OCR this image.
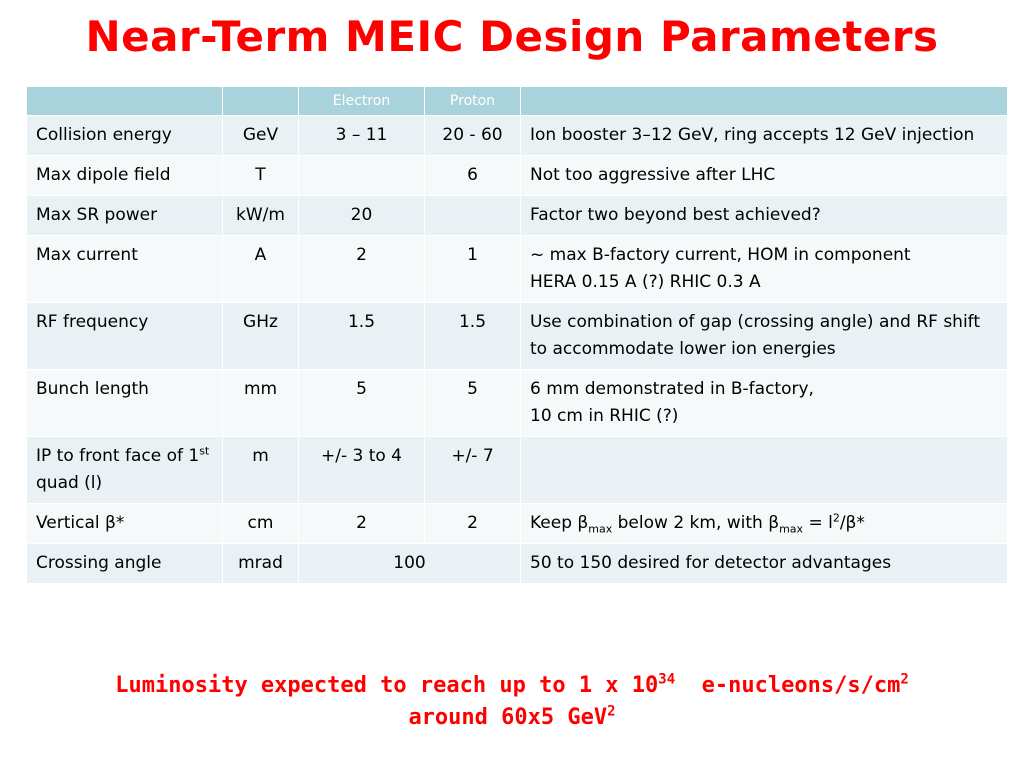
Near-Term MEIC Design Parameters
		Electron	Proton	
Collision energy	GeV	3 – 11	20 - 60	Ion booster 3–12 GeV, ring accepts 12 GeV injection
Max dipole field	T		6	Not too aggressive after LHC
Max SR power	kW/m	20		Factor two beyond best achieved?
Max current	A	2	1	~ max B-factory current, HOM in component
HERA 0.15 A (?) RHIC 0.3 A
RF frequency	GHz	1.5	1.5	Use combination of gap (crossing angle) and RF shift to accommodate lower ion energies
Bunch length	mm	5	5	6 mm demonstrated in B-factory,
10 cm in RHIC (?)
IP to front face of 1st quad (l)	m	+/- 3 to 4	+/- 7	
Vertical β*	cm	2	2	Keep $\beta_{max}$ below 2 km, with $\beta_{max} = l^2/\beta*$
Crossing angle	mrad	100		50 to 150 desired for detector advantages
Luminosity expected to reach up to 1 x $10^{34}$  $e-nucleons/s/cm^2$
around 60x5 GeV$^2$
